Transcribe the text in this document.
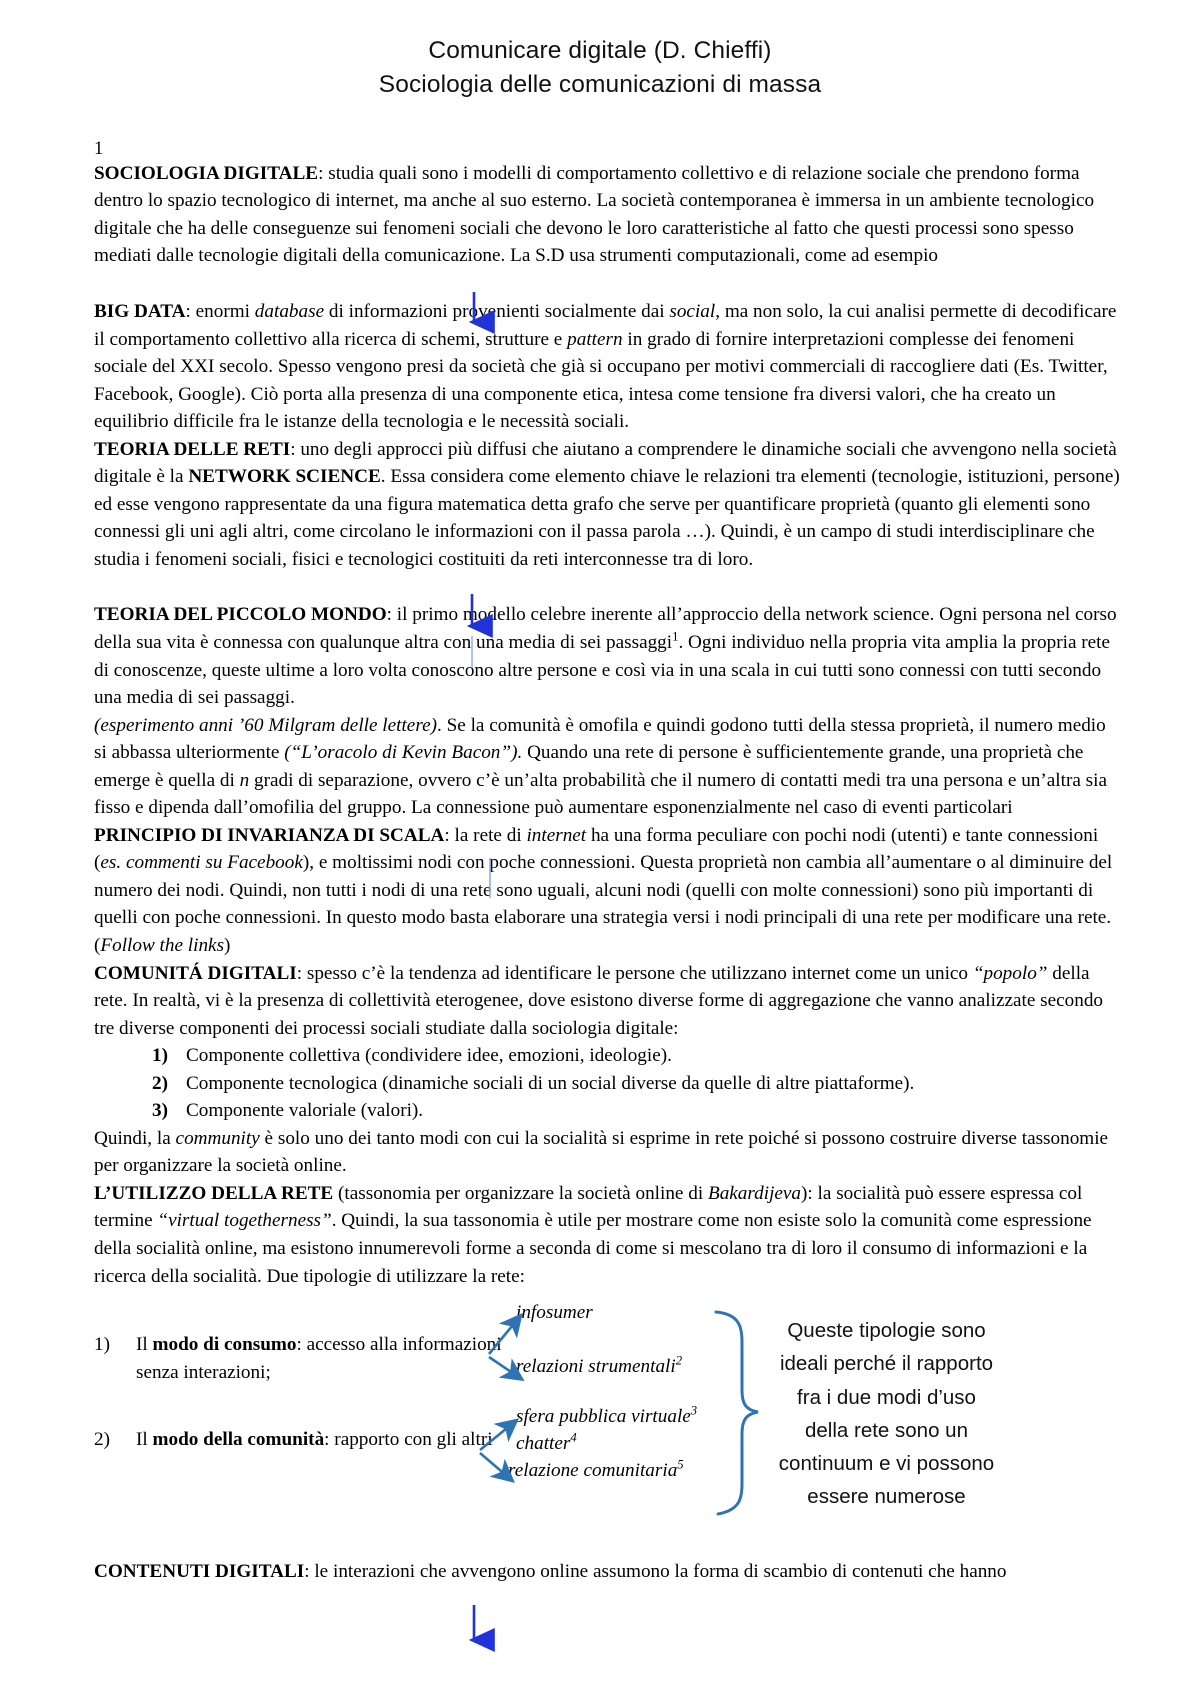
Comunicare digitale (D. Chieffi)
Sociologia delle comunicazioni di massa
1

SOCIOLOGIA DIGITALE: studia quali sono i modelli di comportamento collettivo e di relazione sociale che prendono forma dentro lo spazio tecnologico di internet, ma anche al suo esterno. La società contemporanea è immersa in un ambiente tecnologico digitale che ha delle conseguenze sui fenomeni sociali che devono le loro caratteristiche al fatto che questi processi sono spesso mediati dalle tecnologie digitali della comunicazione. La S.D usa strumenti computazionali, come ad esempio

BIG DATA: enormi database di informazioni provenienti socialmente dai social, ma non solo, la cui analisi permette di decodificare il comportamento collettivo alla ricerca di schemi, strutture e pattern in grado di fornire interpretazioni complesse dei fenomeni sociale del XXI secolo. Spesso vengono presi da società che già si occupano per motivi commerciali di raccogliere dati (Es. Twitter, Facebook, Google). Ciò porta alla presenza di una componente etica, intesa come tensione fra diversi valori, che ha creato un equilibrio difficile fra le istanze della tecnologia e le necessità sociali.

TEORIA DELLE RETI: uno degli approcci più diffusi che aiutano a comprendere le dinamiche sociali che avvengono nella società digitale è la NETWORK SCIENCE. Essa considera come elemento chiave le relazioni tra elementi (tecnologie, istituzioni, persone) ed esse vengono rappresentate da una figura matematica detta grafo che serve per quantificare proprietà (quanto gli elementi sono connessi gli uni agli altri, come circolano le informazioni con il passa parola …). Quindi, è un campo di studi interdisciplinare che studia i fenomeni sociali, fisici e tecnologici costituiti da reti interconnesse tra di loro.

TEORIA DEL PICCOLO MONDO: il primo modello celebre inerente all’approccio della network science. Ogni persona nel corso della sua vita è connessa con qualunque altra con una media di sei passaggi$^1$. Ogni individuo nella propria vita amplia la propria rete di conoscenze, queste ultime a loro volta conoscono altre persone e così via in una scala in cui tutti sono connessi con tutti secondo una media di sei passaggi.
(esperimento anni ’60 Milgram delle lettere). Se la comunità è omofila e quindi godono tutti della stessa proprietà, il numero medio si abbassa ulteriormente (“L’oracolo di Kevin Bacon”). Quando una rete di persone è sufficientemente grande, una proprietà che emerge è quella di n gradi di separazione, ovvero c’è un’alta probabilità che il numero di contatti medi tra una persona e un’altra sia fisso e dipenda dall’omofilia del gruppo. La connessione può aumentare esponenzialmente nel caso di eventi particolari

PRINCIPIO DI INVARIANZA DI SCALA: la rete di internet ha una forma peculiare con pochi nodi (utenti) e tante connessioni (es. commenti su Facebook), e moltissimi nodi con poche connessioni. Questa proprietà non cambia all’aumentare o al diminuire del numero dei nodi. Quindi, non tutti i nodi di una rete sono uguali, alcuni nodi (quelli con molte connessioni) sono più importanti di quelli con poche connessioni. In questo modo basta elaborare una strategia versi i nodi principali di una rete per modificare una rete. (Follow the links)

COMUNITÁ DIGITALI: spesso c’è la tendenza ad identificare le persone che utilizzano internet come un unico “popolo” della rete. In realtà, vi è la presenza di collettività eterogenee, dove esistono diverse forme di aggregazione che vanno analizzate secondo tre diverse componenti dei processi sociali studiate dalla sociologia digitale:

1) Componente collettiva (condividere idee, emozioni, ideologie).
2) Componente tecnologica (dinamiche sociali di un social diverse da quelle di altre piattaforme).
3) Componente valoriale (valori).

Quindi, la community è solo uno dei tanto modi con cui la socialità si esprime in rete poiché si possono costruire diverse tassonomie per organizzare la società online.

L’UTILIZZO DELLA RETE (tassonomia per organizzare la società online di Bakardijeva): la socialità può essere espressa col termine “virtual togetherness”. Quindi, la sua tassonomia è utile per mostrare come non esiste solo la comunità come espressione della socialità online, ma esistono innumerevoli forme a seconda di come si mescolano tra di loro il consumo di informazioni e la ricerca della socialità. Due tipologie di utilizzare la rete:

1)	Il modo di consumo: accesso alla informazioni
senza interazioni;
2)	Il modo della comunità: rapporto con gli altri
infosumer
relazioni strumentali$^2$
sfera pubblica virtuale$^3$
chatter$^4$
relazione comunitaria$^5$
Queste tipologie sono
ideali perché il rapporto
fra i due modi d’uso
della rete sono un
continuum e vi possono
essere numerose

CONTENUTI DIGITALI: le interazioni che avvengono online assumono la forma di scambio di contenuti che hanno
